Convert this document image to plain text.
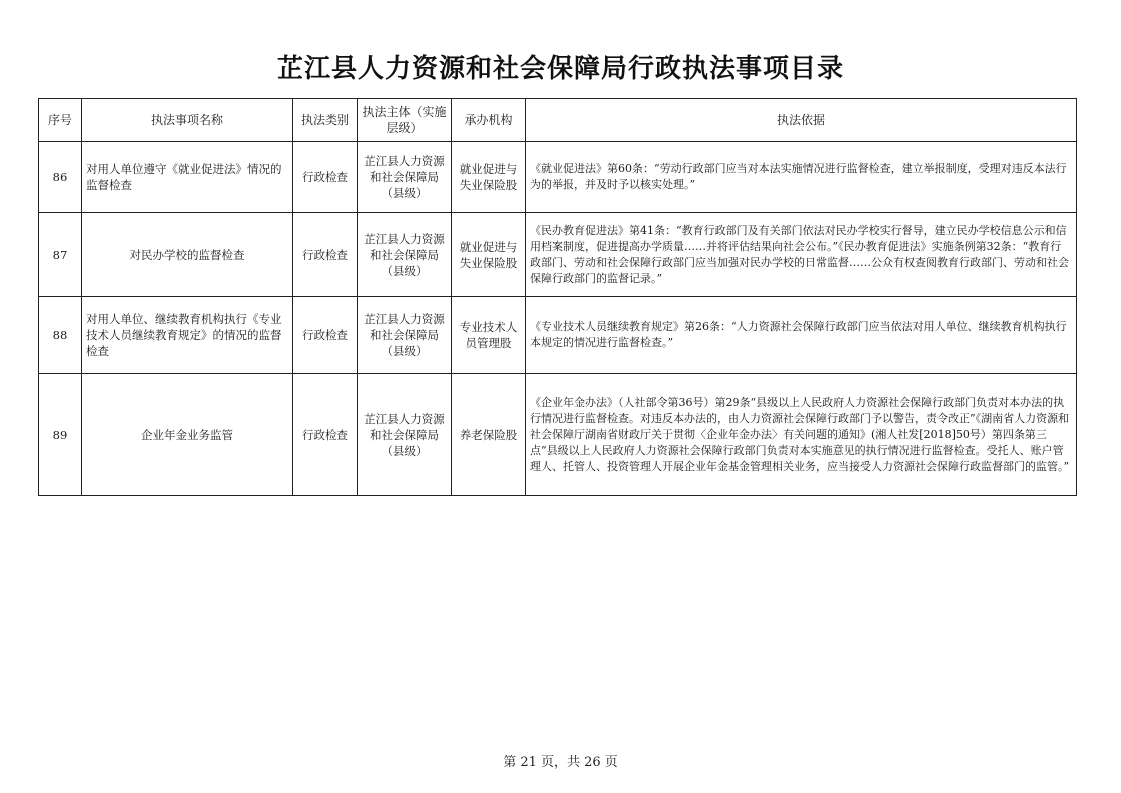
芷江县人力资源和社会保障局行政执法事项目录
序号	执法事项名称	执法类别	执法主体（实施层级）	承办机构	执法依据
86	对用人单位遵守《就业促进法》情况的监督检查	行政检查	芷江县人力资源和社会保障局（县级）	就业促进与失业保险股	《就业促进法》第60条：“劳动行政部门应当对本法实施情况进行监督检查，建立举报制度，受理对违反本法行为的举报，并及时予以核实处理。”
87	对民办学校的监督检查	行政检查	芷江县人力资源和社会保障局（县级）	就业促进与失业保险股	《民办教育促进法》第41条：“教育行政部门及有关部门依法对民办学校实行督导，建立民办学校信息公示和信用档案制度，促进提高办学质量……并将评估结果向社会公布。”《民办教育促进法》实施条例第32条：“教育行政部门、劳动和社会保障行政部门应当加强对民办学校的日常监督……公众有权查阅教育行政部门、劳动和社会保障行政部门的监督记录。”
88	对用人单位、继续教育机构执行《专业技术人员继续教育规定》的情况的监督检查	行政检查	芷江县人力资源和社会保障局（县级）	专业技术人员管理股	《专业技术人员继续教育规定》第26条：“人力资源社会保障行政部门应当依法对用人单位、继续教育机构执行本规定的情况进行监督检查。”
89	企业年金业务监管	行政检查	芷江县人力资源和社会保障局（县级）	养老保险股	《企业年金办法》（人社部令第36号）第29条“县级以上人民政府人力资源社会保障行政部门负责对本办法的执行情况进行监督检查。对违反本办法的，由人力资源社会保障行政部门予以警告，责令改正”《湖南省人力资源和社会保障厅湖南省财政厅关于贯彻〈企业年金办法〉有关问题的通知》(湘人社发[2018]50号）第四条第三点“县级以上人民政府人力资源社会保障行政部门负责对本实施意见的执行情况进行监督检查。受托人、账户管理人、托管人、投资管理人开展企业年金基金管理相关业务，应当接受人力资源社会保障行政监督部门的监管。”
第 21 页，共 26 页
